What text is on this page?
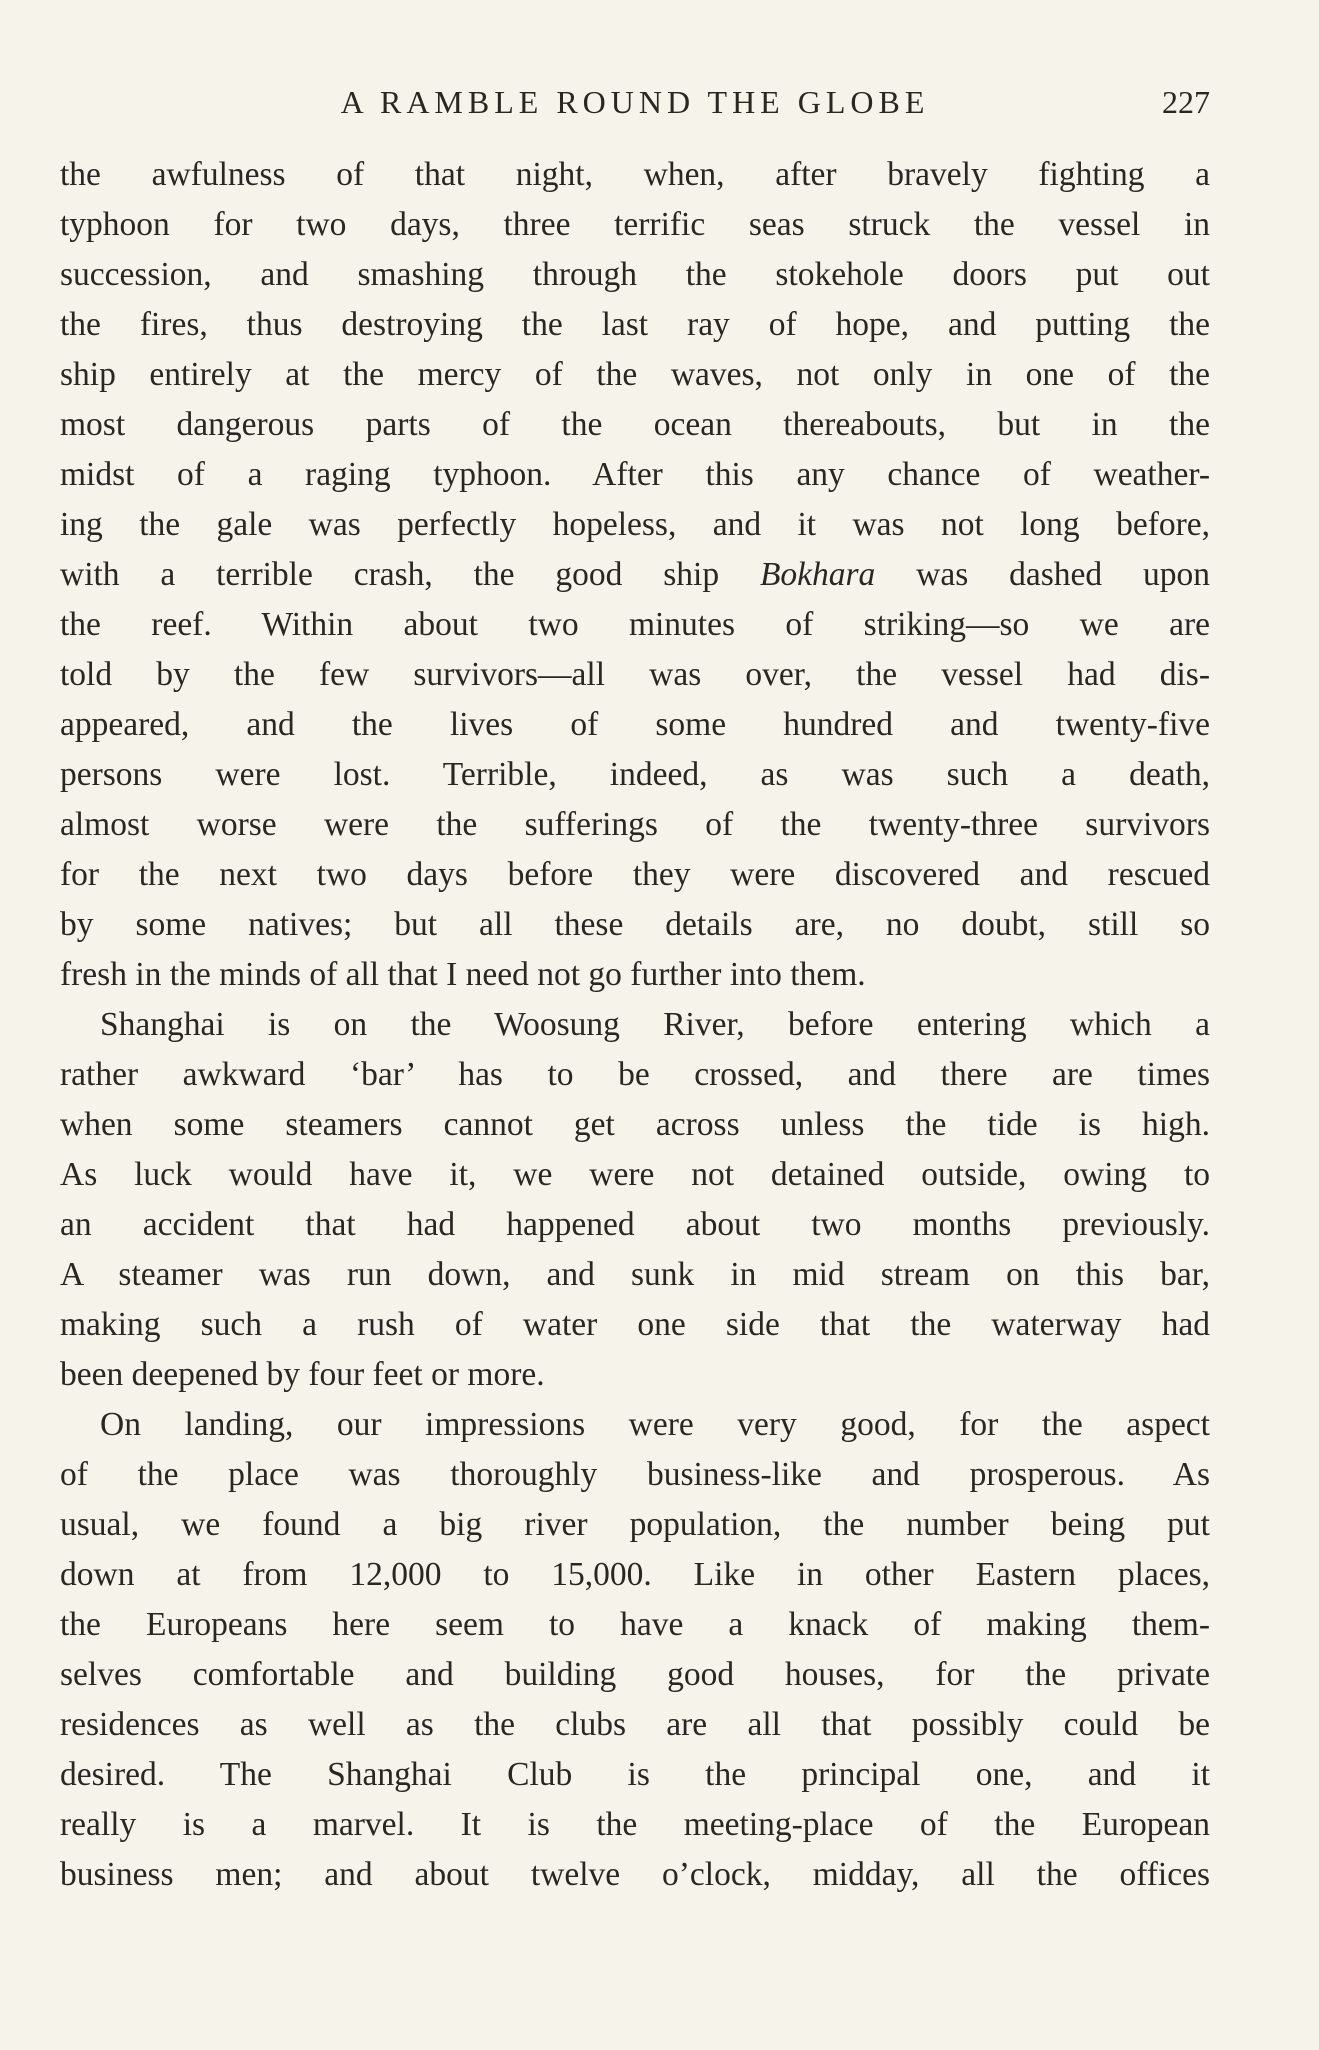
A RAMBLE ROUND THE GLOBE	227
the awfulness of that night, when, after bravely fighting a
typhoon for two days, three terrific seas struck the vessel in
succession, and smashing through the stokehole doors put out
the fires, thus destroying the last ray of hope, and putting the
ship entirely at the mercy of the waves, not only in one of the
most dangerous parts of the ocean thereabouts, but in the
midst of a raging typhoon. After this any chance of weather-
ing the gale was perfectly hopeless, and it was not long before,
with a terrible crash, the good ship Bokhara was dashed upon
the reef. Within about two minutes of striking—so we are
told by the few survivors—all was over, the vessel had dis-
appeared, and the lives of some hundred and twenty-five
persons were lost. Terrible, indeed, as was such a death,
almost worse were the sufferings of the twenty-three survivors
for the next two days before they were discovered and rescued
by some natives; but all these details are, no doubt, still so
fresh in the minds of all that I need not go further into them.
Shanghai is on the Woosung River, before entering which a
rather awkward ‘bar’ has to be crossed, and there are times
when some steamers cannot get across unless the tide is high.
As luck would have it, we were not detained outside, owing to
an accident that had happened about two months previously.
A steamer was run down, and sunk in mid stream on this bar,
making such a rush of water one side that the waterway had
been deepened by four feet or more.
On landing, our impressions were very good, for the aspect
of the place was thoroughly business-like and prosperous. As
usual, we found a big river population, the number being put
down at from 12,000 to 15,000. Like in other Eastern places,
the Europeans here seem to have a knack of making them-
selves comfortable and building good houses, for the private
residences as well as the clubs are all that possibly could be
desired. The Shanghai Club is the principal one, and it
really is a marvel. It is the meeting-place of the European
business men; and about twelve o’clock, midday, all the offices
